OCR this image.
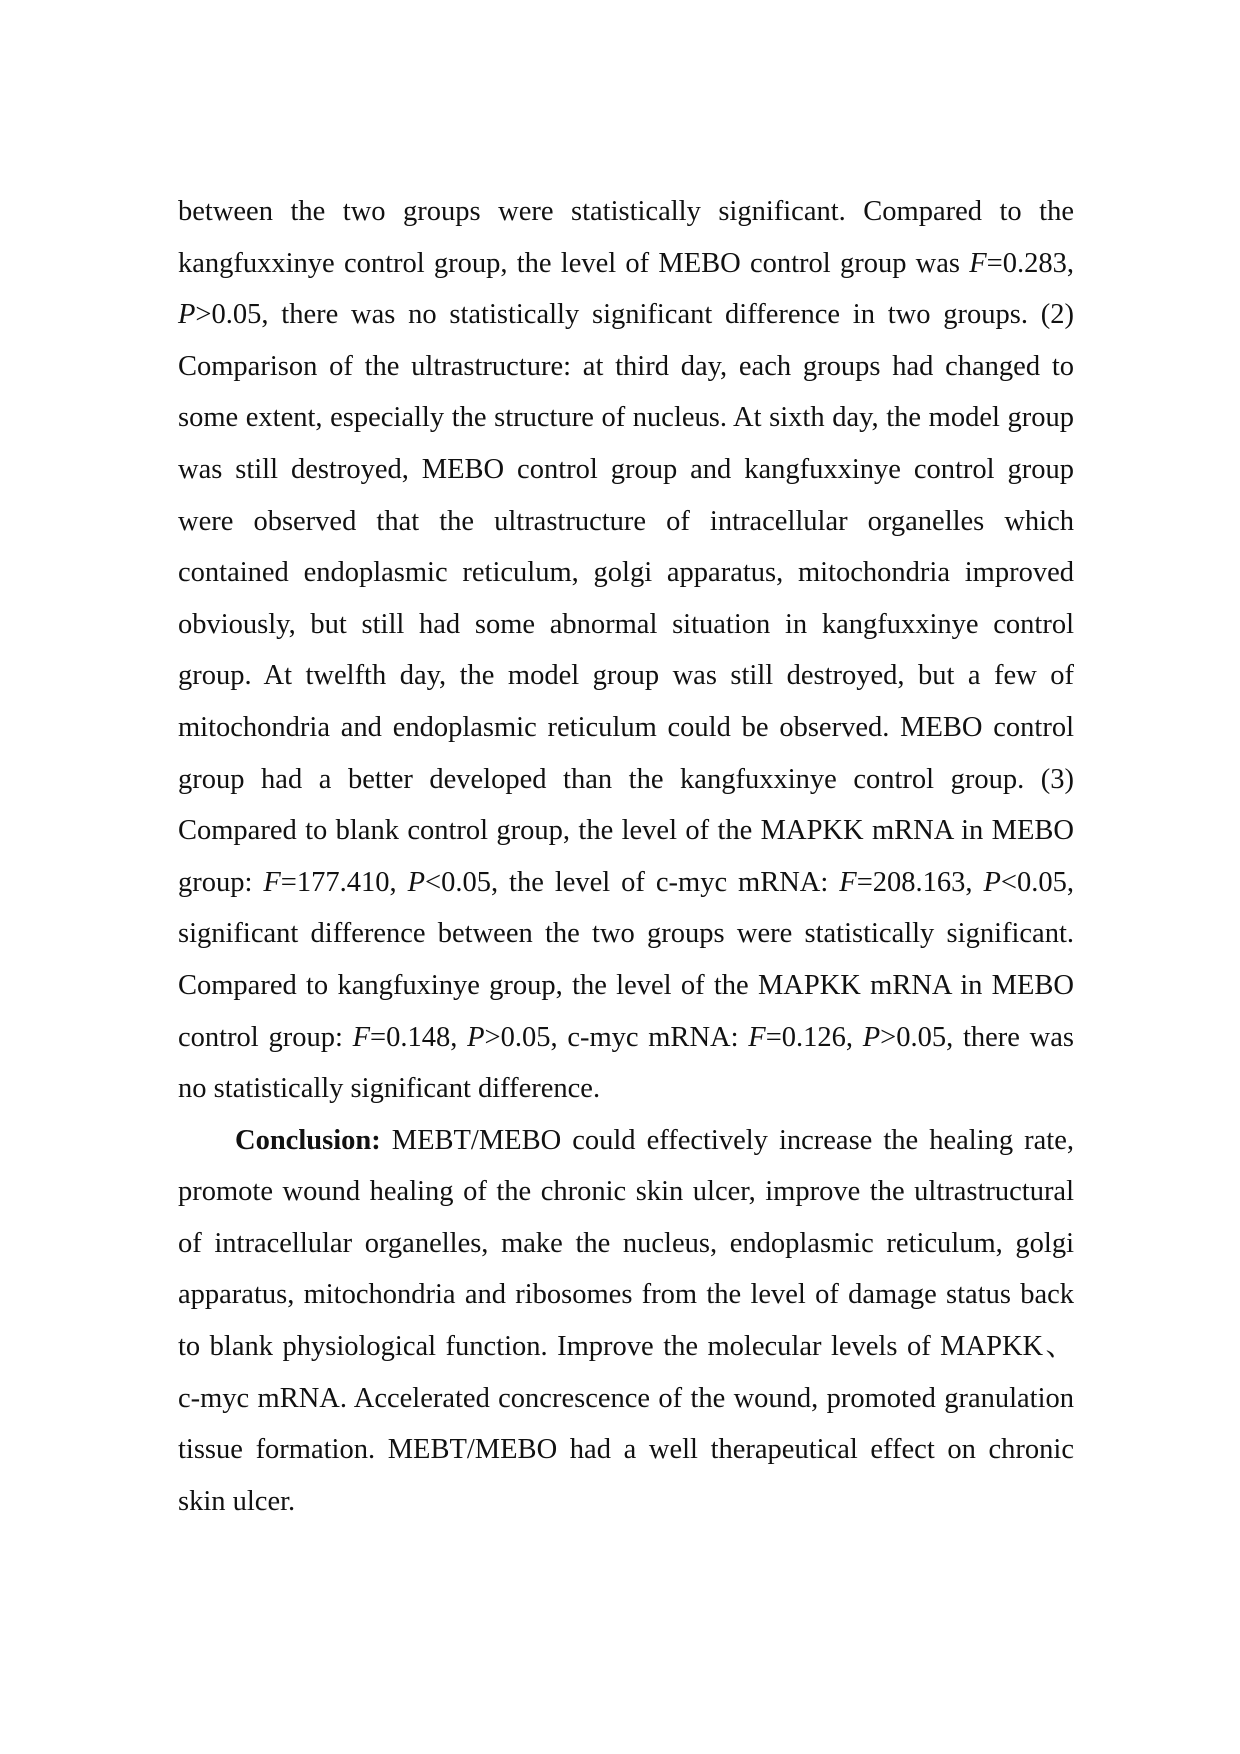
between the two groups were statistically significant. Compared to the kangfuxxinye control group, the level of MEBO control group was F=0.283, P>0.05, there was no statistically significant difference in two groups. (2) Comparison of the ultrastructure: at third day, each groups had changed to some extent, especially the structure of nucleus. At sixth day, the model group was still destroyed, MEBO control group and kangfuxxinye control group were observed that the ultrastructure of intracellular organelles which contained endoplasmic reticulum, golgi apparatus, mitochondria improved obviously, but still had some abnormal situation in kangfuxxinye control group. At twelfth day, the model group was still destroyed, but a few of mitochondria and endoplasmic reticulum could be observed. MEBO control group had a better developed than the kangfuxxinye control group. (3) Compared to blank control group, the level of the MAPKK mRNA in MEBO group: F=177.410, P<0.05, the level of c-myc mRNA: F=208.163, P<0.05, significant difference between the two groups were statistically significant. Compared to kangfuxinye group, the level of the MAPKK mRNA in MEBO control group: F=0.148, P>0.05, c-myc mRNA: F=0.126, P>0.05, there was no statistically significant difference.

Conclusion: MEBT/MEBO could effectively increase the healing rate, promote wound healing of the chronic skin ulcer, improve the ultrastructural of intracellular organelles, make the nucleus, endoplasmic reticulum, golgi apparatus, mitochondria and ribosomes from the level of damage status back to blank physiological function. Improve the molecular levels of MAPKK、 c-myc mRNA. Accelerated concrescence of the wound, promoted granulation tissue formation. MEBT/MEBO had a well therapeutical effect on chronic skin ulcer.
